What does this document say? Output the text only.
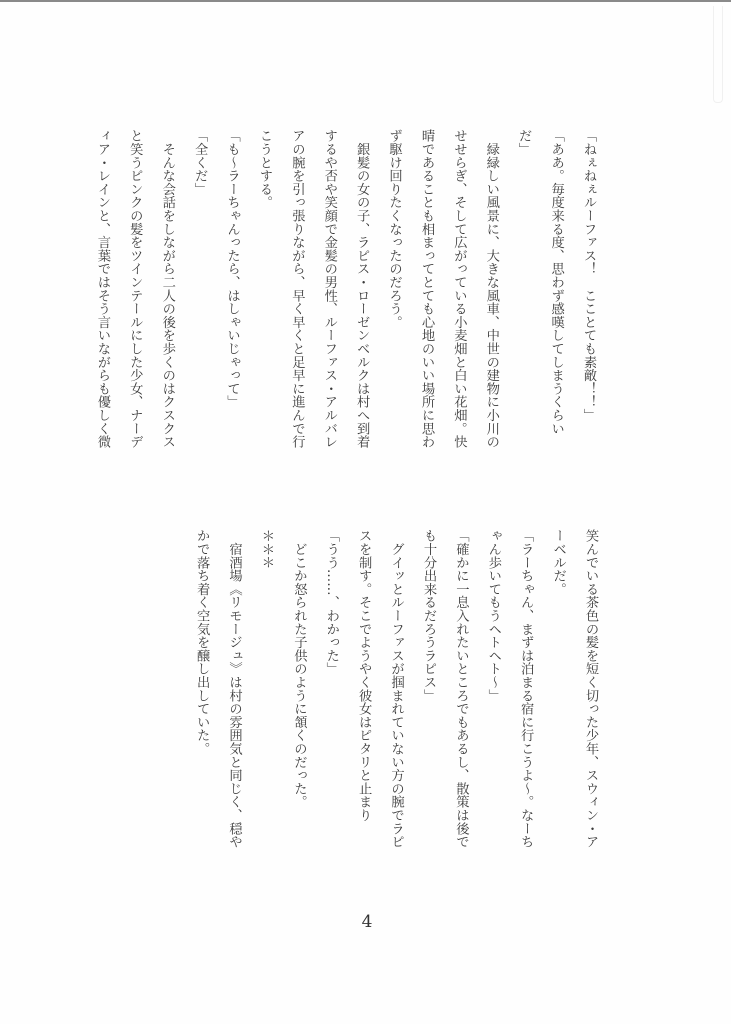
「ねぇねぇルーファス！　こことても素敵！！」
「ああ。毎度来る度、思わず感嘆してしまうくらい
だ」
　緑緑しい風景に、大きな風車、中世の建物に小川の
せせらぎ、そして広がっている小麦畑と白い花畑。快
晴であることも相まってとても心地のいい場所に思わ
ず駆け回りたくなったのだろう。
　銀髪の女の子、ラピス・ローゼンベルクは村へ到着
するや否や笑顔で金髪の男性、ルーファス・アルバレ
アの腕を引っ張りながら、早く早くと足早に進んで行
こうとする。
「も～ラーちゃんったら、はしゃいじゃって」
「全くだ」
　そんな会話をしながら二人の後を歩くのはクスクス
と笑うピンクの髪をツインテールにした少女、ナーデ
ィア・レインと、言葉ではそう言いながらも優しく微
笑んでいる茶色の髪を短く切った少年、スウィン・ア
ーベルだ。
「ラーちゃん、まずは泊まる宿に行こうよ～。なーち
ゃん歩いてもうヘトヘト～」
「確かに一息入れたいところでもあるし、散策は後で
も十分出来るだろうラピス」
　グイッとルーファスが掴まれていない方の腕でラピ
スを制す。そこでようやく彼女はピタリと止まり
「うう……、わかった」
　どこか怒られた子供のように頷くのだった。
＊＊＊
　宿酒場《リモージュ》は村の雰囲気と同じく、穏や
かで落ち着く空気を醸し出していた。
4
